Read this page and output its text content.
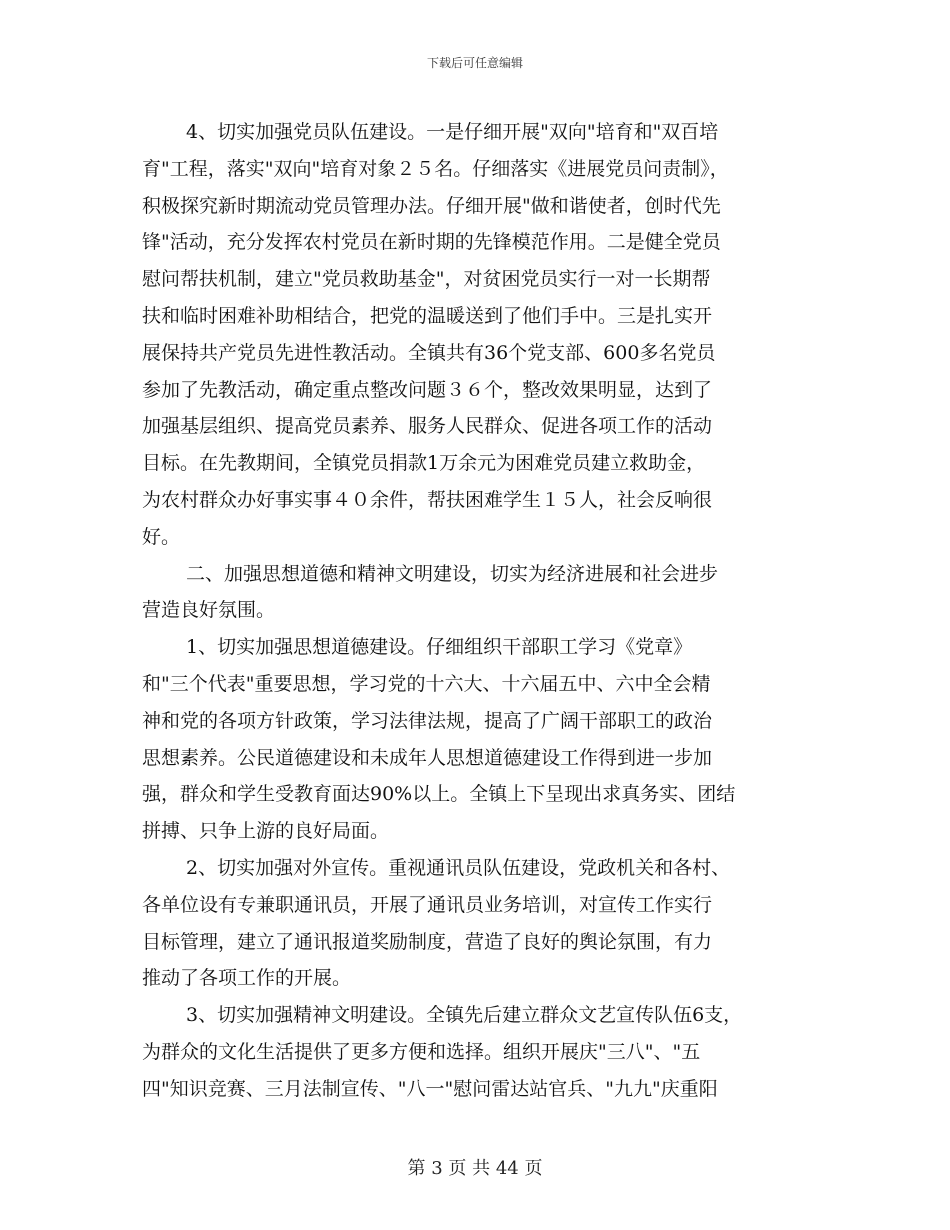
下载后可任意编辑
4、切实加强党员队伍建设。一是仔细开展"双向"培育和"双百培
育"工程，落实"双向"培育对象２５名。仔细落实《进展党员问责制》，
积极探究新时期流动党员管理办法。仔细开展"做和谐使者，创时代先
锋"活动，充分发挥农村党员在新时期的先锋模范作用。二是健全党员
慰问帮扶机制，建立"党员救助基金"，对贫困党员实行一对一长期帮
扶和临时困难补助相结合，把党的温暖送到了他们手中。三是扎实开
展保持共产党员先进性教活动。全镇共有36个党支部、600多名党员
参加了先教活动，确定重点整改问题３６个，整改效果明显，达到了
加强基层组织、提高党员素养、服务人民群众、促进各项工作的活动
目标。在先教期间，全镇党员捐款1万余元为困难党员建立救助金，
为农村群众办好事实事４０余件，帮扶困难学生１５人，社会反响很
好。
二、加强思想道德和精神文明建设，切实为经济进展和社会进步
营造良好氛围。
1、切实加强思想道德建设。仔细组织干部职工学习《党章》
和"三个代表"重要思想，学习党的十六大、十六届五中、六中全会精
神和党的各项方针政策，学习法律法规，提高了广阔干部职工的政治
思想素养。公民道德建设和未成年人思想道德建设工作得到进一步加
强，群众和学生受教育面达90%以上。全镇上下呈现出求真务实、团结
拼搏、只争上游的良好局面。
2、切实加强对外宣传。重视通讯员队伍建设，党政机关和各村、
各单位设有专兼职通讯员，开展了通讯员业务培训，对宣传工作实行
目标管理，建立了通讯报道奖励制度，营造了良好的舆论氛围，有力
推动了各项工作的开展。
3、切实加强精神文明建设。全镇先后建立群众文艺宣传队伍6支，
为群众的文化生活提供了更多方便和选择。组织开展庆"三八"、"五
四"知识竞赛、三月法制宣传、"八一"慰问雷达站官兵、"九九"庆重阳
第 3 页 共 44 页
